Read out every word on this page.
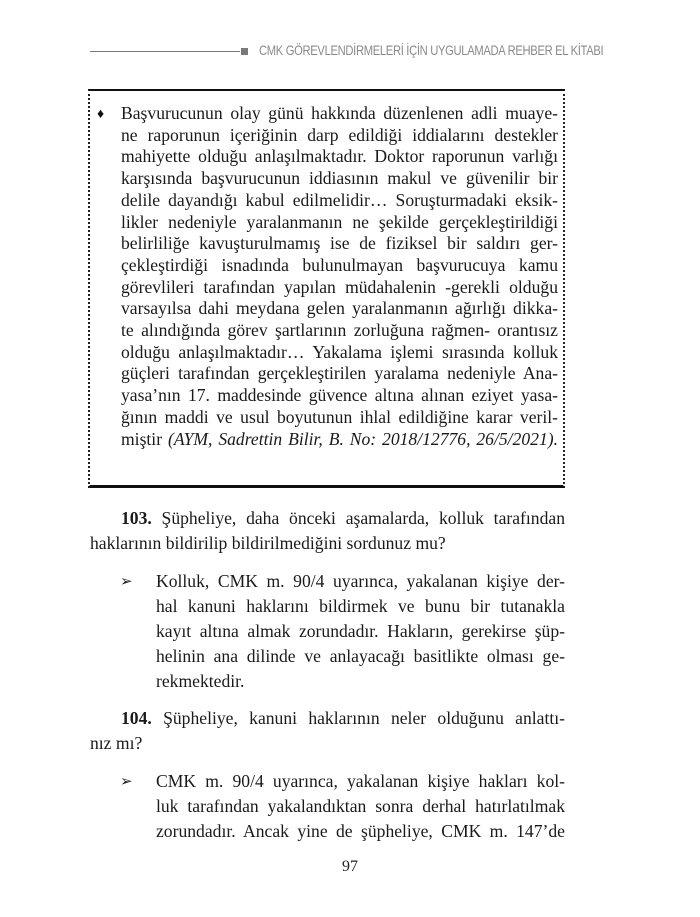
CMK GÖREVLENDİRMELERİ İÇİN UYGULAMADA REHBER EL KİTABI
♦ Başvurucunun olay günü hakkında düzenlenen adli muaye-
ne raporunun içeriğinin darp edildiği iddialarını destekler
mahiyette olduğu anlaşılmaktadır. Doktor raporunun varlığı
karşısında başvurucunun iddiasının makul ve güvenilir bir
delile dayandığı kabul edilmelidir… Soruşturmadaki eksik-
likler nedeniyle yaralanmanın ne şekilde gerçekleştirildiği
belirliliğe kavuşturulmamış ise de fiziksel bir saldırı ger-
çekleştirdiği isnadında bulunulmayan başvurucuya kamu
görevlileri tarafından yapılan müdahalenin -gerekli olduğu
varsayılsa dahi meydana gelen yaralanmanın ağırlığı dikka-
te alındığında görev şartlarının zorluğuna rağmen- orantısız
olduğu anlaşılmaktadır… Yakalama işlemi sırasında kolluk
güçleri tarafından gerçekleştirilen yaralama nedeniyle Ana-
yasa’nın 17. maddesinde güvence altına alınan eziyet yasa-
ğının maddi ve usul boyutunun ihlal edildiğine karar veril-
miştir (AYM, Sadrettin Bilir, B. No: 2018/12776, 26/5/2021).
103. Şüpheliye, daha önceki aşamalarda, kolluk tarafından
haklarının bildirilip bildirilmediğini sordunuz mu?
➢ Kolluk, CMK m. 90/4 uyarınca, yakalanan kişiye der-
hal kanuni haklarını bildirmek ve bunu bir tutanakla
kayıt altına almak zorundadır. Hakların, gerekirse şüp-
helinin ana dilinde ve anlayacağı basitlikte olması ge-
rekmektedir.
104. Şüpheliye, kanuni haklarının neler olduğunu anlattı-
nız mı?
➢ CMK m. 90/4 uyarınca, yakalanan kişiye hakları kol-
luk tarafından yakalandıktan sonra derhal hatırlatılmak
zorundadır. Ancak yine de şüpheliye, CMK m. 147’de
97
